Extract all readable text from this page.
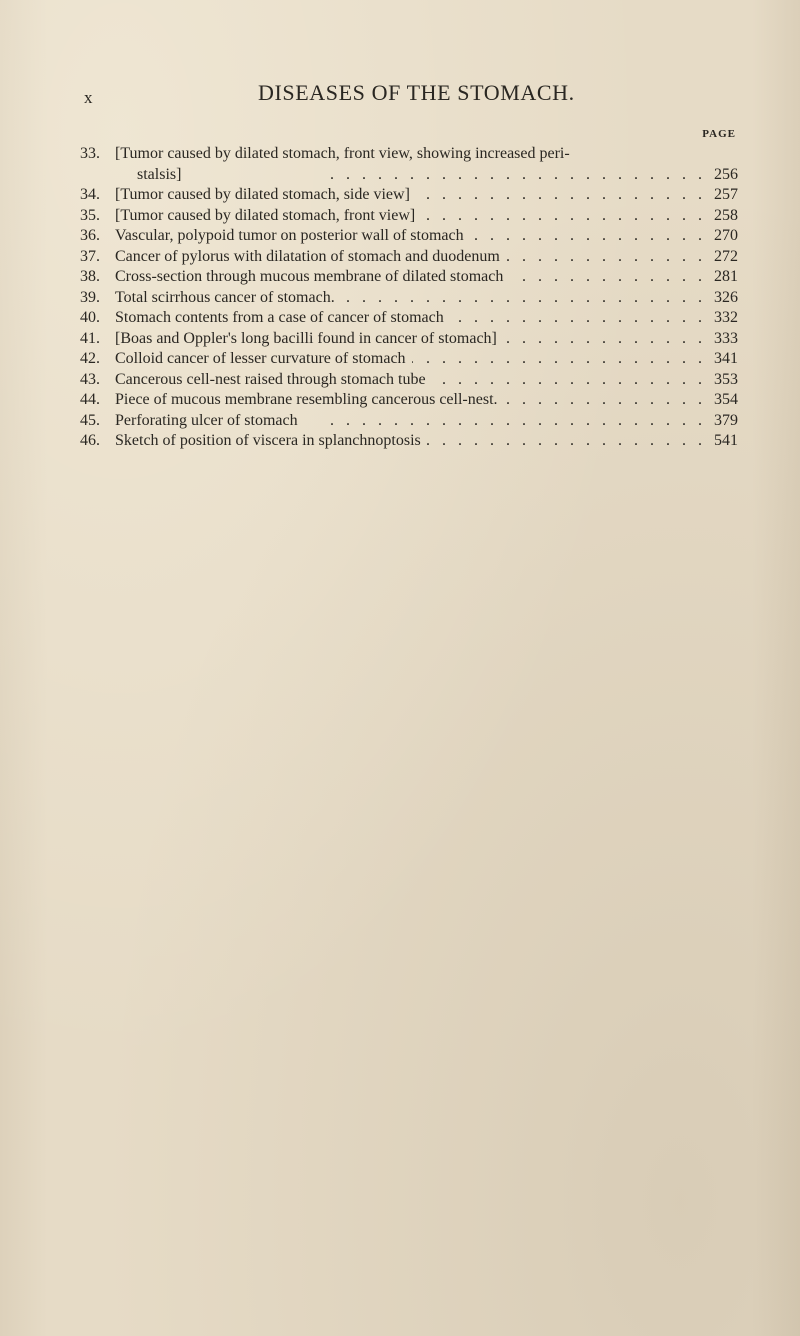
x	DISEASES OF THE STOMACH.
PAGE
33. [Tumor caused by dilated stomach, front view, showing increased peri-
stalsis] .   .	256
34. [Tumor caused by dilated stomach, side view] .   .	257
35. [Tumor caused by dilated stomach, front view] .   .	258
36. Vascular, polypoid tumor on posterior wall of stomach .   .	270
37. Cancer of pylorus with dilatation of stomach and duodenum .   .	272
38. Cross-section through mucous membrane of dilated stomach .   .	281
39. Total scirrhous cancer of stomach. .   .	326
40. Stomach contents from a case of cancer of stomach .   .	332
41. [Boas and Oppler's long bacilli found in cancer of stomach] .   .	333
42. Colloid cancer of lesser curvature of stomach .   .	341
43. Cancerous cell-nest raised through stomach tube .   .	353
44. Piece of mucous membrane resembling cancerous cell-nest. .   .	354
45. Perforating ulcer of stomach .   .	379
46. Sketch of position of viscera in splanchnoptosis .   .	541
